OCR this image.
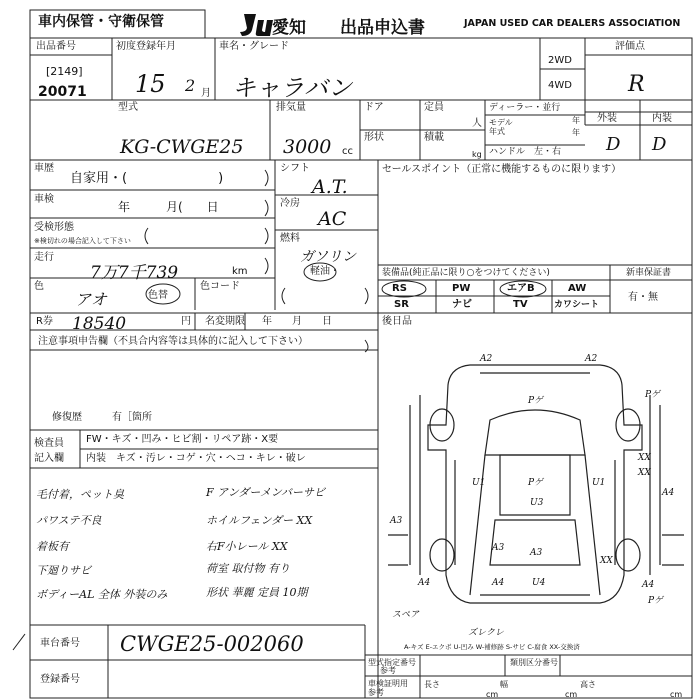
車内保管・守衛保管	愛知 出品申込書	JAPAN USED CAR DEALERS ASSOCIATION
出品番号
[2149]
20071
初度登録年月
15 2 月
車名・グレード
キャラバン
2WD
4WD
評価点
R
型式
KG-CWGE25
排気量
3000 cc
ドア
形状
定員
人
積載
kg
ディーラー・並行
モデル
年式
年
年
ハンドル　左・右
外装	内装
D D
車歴
自家用・(　　　　　　　)
車検
年　　　月(　　日
受検形態
※検切れの場合記入して下さい
走行
7万7千739	km
色
アオ	色替
色コード
シフト
A.T.
冷房
AC
燃料
ガソリン
軽油・
セールスポイント（正常に機能するものに限ります）
装備品(純正品に限り○をつけてください)
RS	PW	エアB	AW
SR	ナビ	TV	カワシート
新車保証書
有・無
R券 18540	円 名変期限 年　　月　　日	後日品
注意事項申告欄（不具合内容等は具体的に記入して下さい）
修復歴	有［箇所
検査員
記入欄
FW・キズ・凹み・ヒビ割・リペア跡・X要
内装　キズ・汚レ・コゲ・穴・ヘコ・キレ・破レ
毛付着，ペット臭
パワステ不良
着板有
下廻りサビ
ボディーAL 全体 外装のみ
F アンダーメンバーサビ
ホイルフェンダー XX
右F小レール XX
荷室 取付物 有り
形状 華麗 定員 10期
A2	A2
Pゲ
Pゲ
Pゲ
XX
XX
U1
U3
U1
A4
A3
A3	A3
U4
XX
A4	A4
Pゲ
スペア
ズレクレ
A4
A-キズ E-エクボ U-凹み W-補修跡 S-サビ C-腐食 XX-交換済
車台番号 CWGE25-002060
登録番号
型式指定番号
参考
類別区分番号
車検証明用
参考
長さ
cm
幅
cm
高さ
cm
